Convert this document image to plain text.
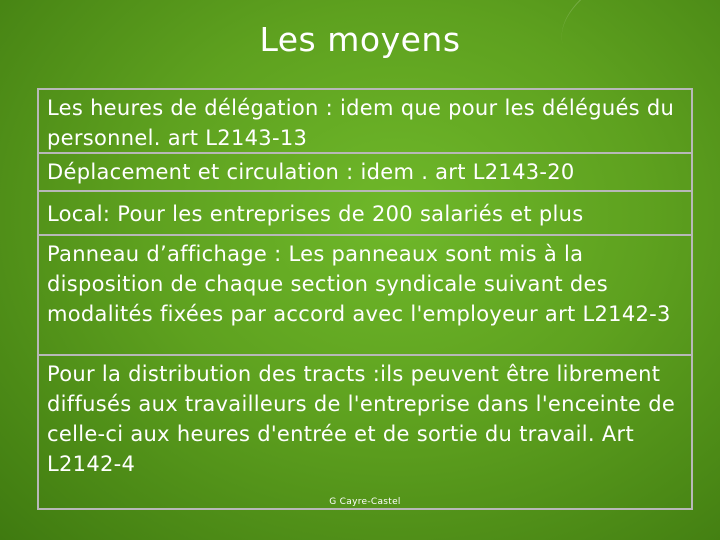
Les moyens
Les heures de délégation : idem que pour les délégués du personnel. art L2143-13
Déplacement et circulation : idem . art L2143-20
Local: Pour les entreprises de 200 salariés et plus
Panneau d’affichage : Les panneaux sont mis à la disposition de chaque section syndicale suivant des modalités fixées par accord avec l'employeur art L2142-3
Pour la distribution des tracts :ils peuvent être librement diffusés aux travailleurs de l'entreprise dans l'enceinte de celle-ci aux heures d'entrée et de sortie du travail. Art L2142-4
G Cayre-Castel
